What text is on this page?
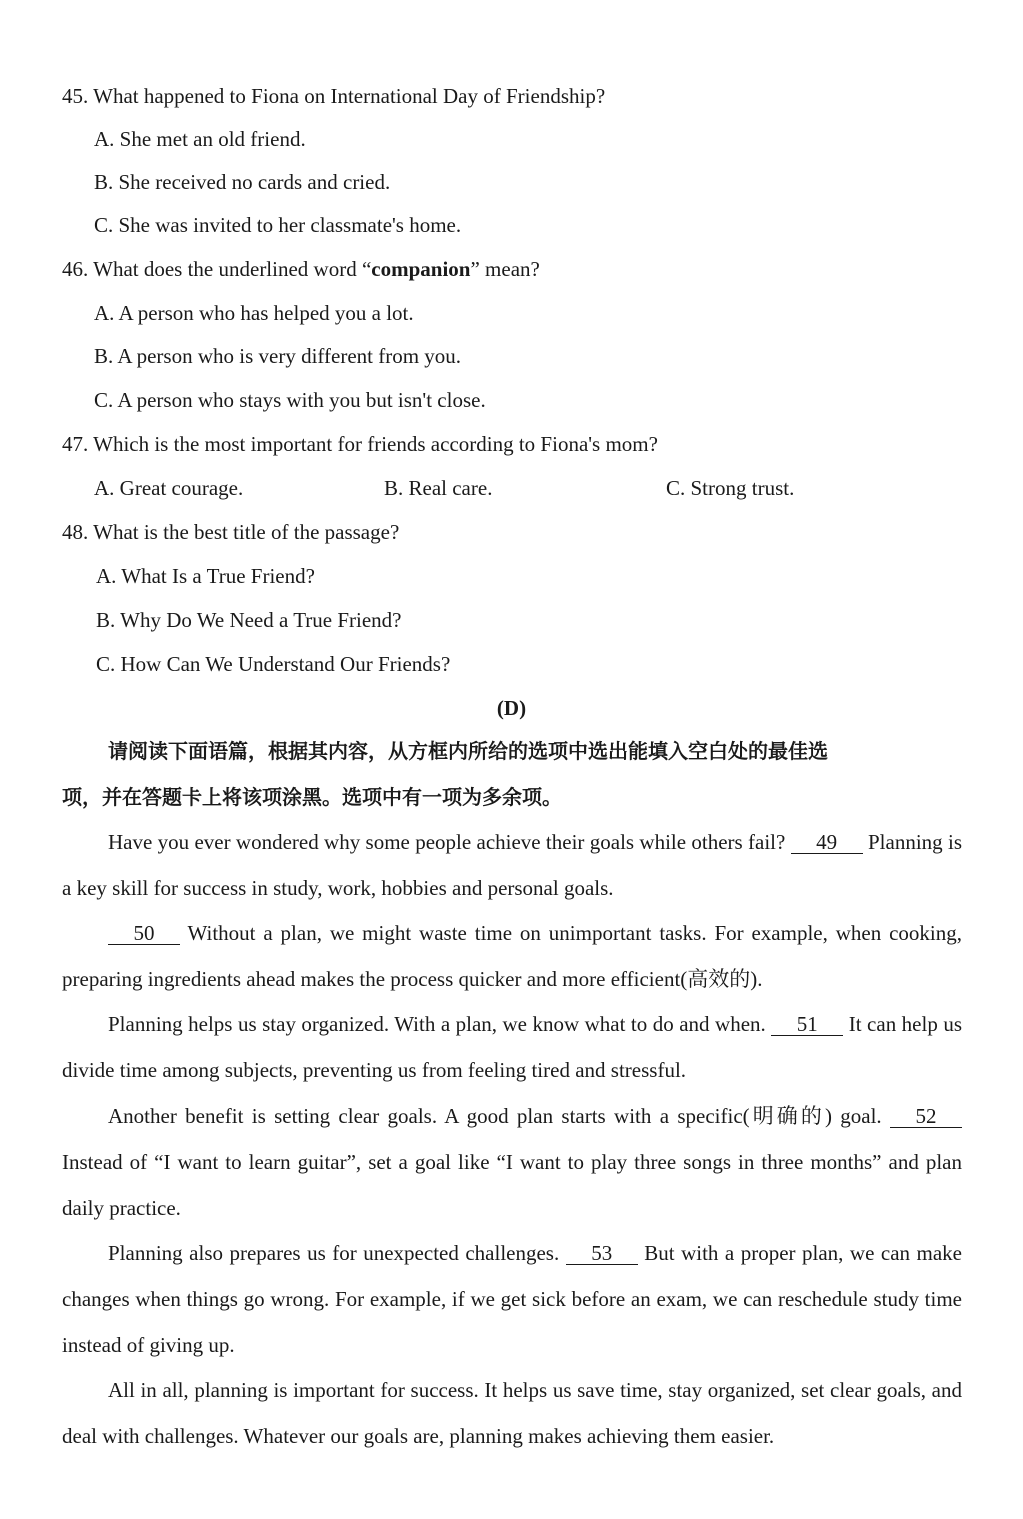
45. What happened to Fiona on International Day of Friendship?
A. She met an old friend.
B. She received no cards and cried.
C. She was invited to her classmate's home.
46. What does the underlined word “companion” mean?
A. A person who has helped you a lot.
B. A person who is very different from you.
C. A person who stays with you but isn't close.
47. Which is the most important for friends according to Fiona's mom?
A. Great courage.	B. Real care.	C. Strong trust.
48. What is the best title of the passage?
A. What Is a True Friend?
B. Why Do We Need a True Friend?
C. How Can We Understand Our Friends?
(D)
请阅读下面语篇，根据其内容，从方框内所给的选项中选出能填入空白处的最佳选
项，并在答题卡上将该项涂黑。选项中有一项为多余项。
Have you ever wondered why some people achieve their goals while others fail? 49 Planning is a key skill for success in study, work, hobbies and personal goals.
50 Without a plan, we might waste time on unimportant tasks. For example, when cooking, preparing ingredients ahead makes the process quicker and more efficient(高效的).
Planning helps us stay organized. With a plan, we know what to do and when. 51 It can help us divide time among subjects, preventing us from feeling tired and stressful.
Another benefit is setting clear goals. A good plan starts with a specific(明确的) goal. 52 Instead of “I want to learn guitar”, set a goal like “I want to play three songs in three months” and plan daily practice.
Planning also prepares us for unexpected challenges. 53 But with a proper plan, we can make changes when things go wrong. For example, if we get sick before an exam, we can reschedule study time instead of giving up.
All in all, planning is important for success. It helps us save time, stay organized, set clear goals, and deal with challenges. Whatever our goals are, planning makes achieving them easier.
